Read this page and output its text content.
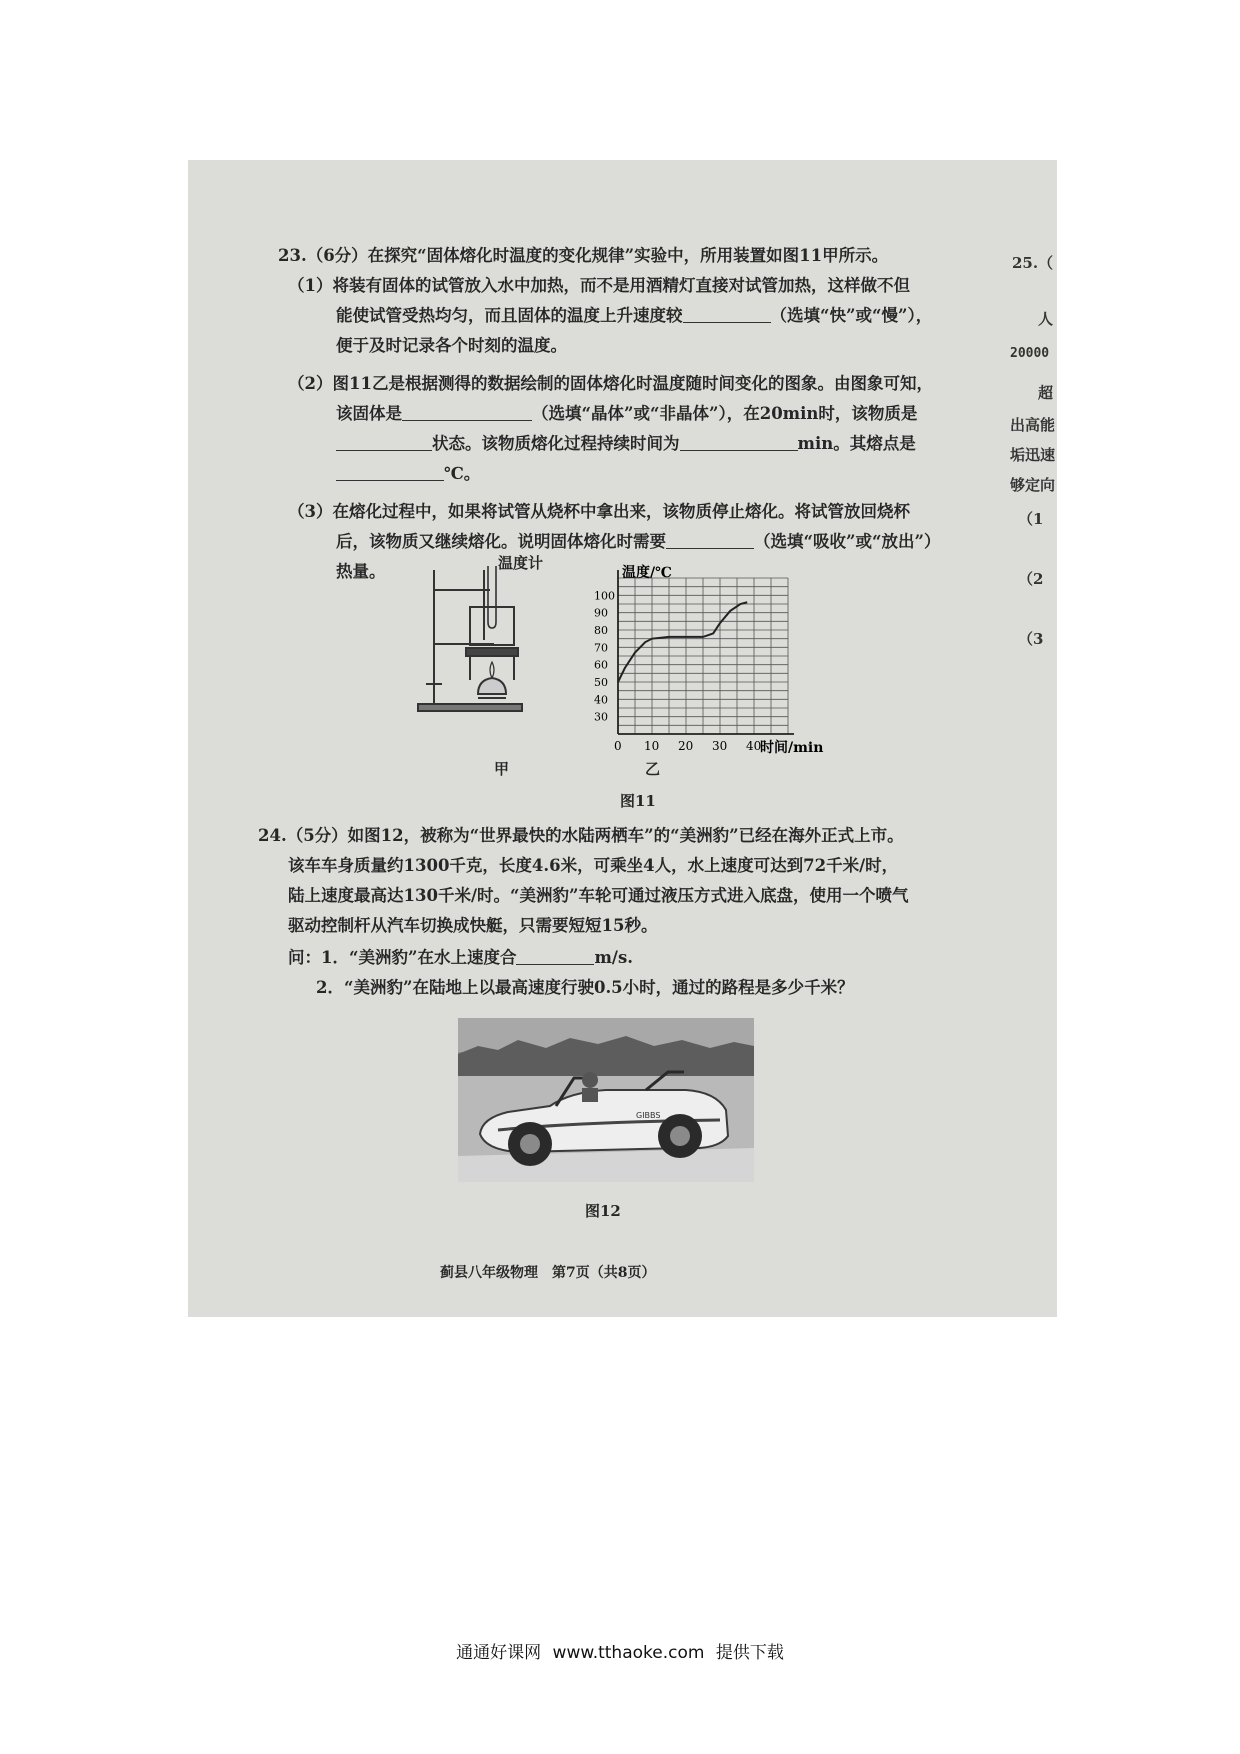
23.（6分）在探究“固体熔化时温度的变化规律”实验中，所用装置如图11甲所示。
（1）将装有固体的试管放入水中加热，而不是用酒精灯直接对试管加热，这样做不但
能使试管受热均匀，而且固体的温度上升速度较	（选填“快”或“慢”），
便于及时记录各个时刻的温度。
（2）图11乙是根据测得的数据绘制的固体熔化时温度随时间变化的图象。由图象可知，
该固体是	（选填“晶体”或“非晶体”），在20min时，该物质是
状态。该物质熔化过程持续时间为	min。其熔点是
℃。
（3）在熔化过程中，如果将试管从烧杯中拿出来，该物质停止熔化。将试管放回烧杯
后，该物质又继续熔化。说明固体熔化时需要	（选填“吸收”或“放出”）
热量。	温度计
甲
温度/℃
时间/min
0 10 20 30 40
30
40
50
60
70
80
90
100
乙
图11
24.（5分）如图12，被称为“世界最快的水陆两栖车”的“美洲豹”已经在海外正式上市。
该车车身质量约1300千克，长度4.6米，可乘坐4人，水上速度可达到72千米/时，
陆上速度最高达130千米/时。“美洲豹”车轮可通过液压方式进入底盘，使用一个喷气
驱动控制杆从汽车切换成快艇，只需要短短15秒。
问：1．“美洲豹”在水上速度合	m/s.
2．“美洲豹”在陆地上以最高速度行驶0.5小时，通过的路程是多少千米？
GIBBS
图12
蓟县八年级物理　第7页（共8页）
25.（
人
20000
超
出高能
垢迅速
够定向
（1
（2
（3
通通好课网 www.tthaoke.com 提供下载
